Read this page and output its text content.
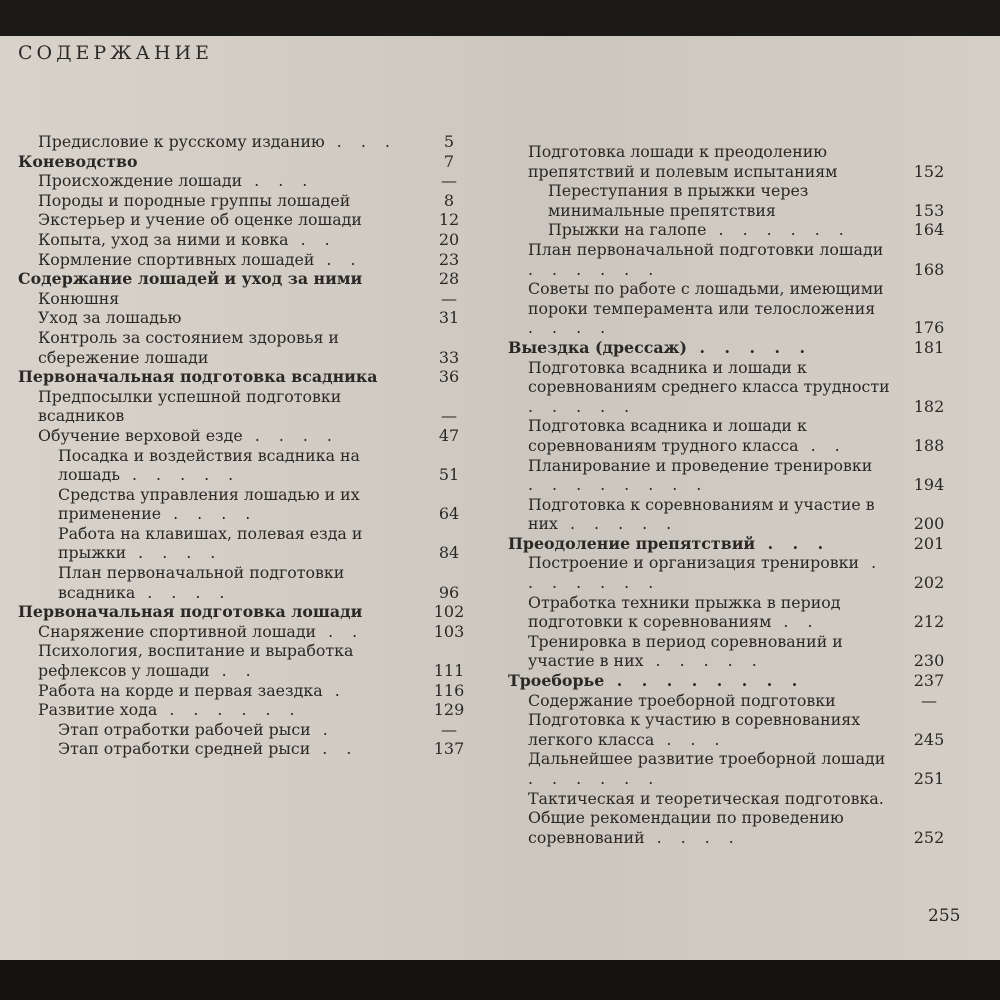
СОДЕРЖАНИЕ
Предисловие к русскому изданию . . .	5
Коневодство	7
Происхождение лошади . . .	—
Породы и породные группы лошадей	8
Экстерьер и учение об оценке лошади	12
Копыта, уход за ними и ковка . .	20
Кормление спортивных лошадей . .	23
Содержание лошадей и уход за ними	28
Конюшня	—
Уход за лошадью	31
Контроль за состоянием здоровья и сбережение лошади	33
Первоначальная подготовка всадника	36
Предпосылки успешной подготовки всадников	—
Обучение верховой езде . . . .	47
Посадка и воздействия всадника на лошадь . . . . .	51
Средства управления лошадью и их применение . . . .	64
Работа на клавишах, полевая езда и прыжки . . . .	84
План первоначальной подготовки всадника . . . .	96
Первоначальная подготовка лошади	102
Снаряжение спортивной лошади . .	103
Психология, воспитание и выработка рефлексов у лошади . .	111
Работа на корде и первая заездка .	116
Развитие хода . . . . . .	129
Этап отработки рабочей рыси .	—
Этап отработки средней рыси . .	137
Подготовка лошади к преодолению препятствий и полевым испытаниям	152
Переступания в прыжки через минимальные препятствия	153
Прыжки на галопе . . . . . .	164
План первоначальной подготовки лошади . . . . . .	168
Советы по работе с лошадьми, имеющими пороки темперамента или телосложения . . . .	176
Выездка (дрессаж) . . . . .	181
Подготовка всадника и лошади к соревнованиям среднего класса трудности . . . . .	182
Подготовка всадника и лошади к соревнованиям трудного класса . .	188
Планирование и проведение тренировки . . . . . . . .	194
Подготовка к соревнованиям и участие в них . . . . .	200
Преодоление препятствий . . .	201
Построение и организация тренировки . . . . . . .	202
Отработка техники прыжка в период подготовки к соревнованиям . .	212
Тренировка в период соревнований и участие в них . . . . .	230
Троеборье . . . . . . . .	237
Содержание троеборной подготовки	—
Подготовка к участию в соревнованиях легкого класса . . .	245
Дальнейшее развитие троеборной лошади . . . . . .	251
Тактическая и теоретическая подготовка. Общие рекомендации по проведению соревнований . . . .	252
255
